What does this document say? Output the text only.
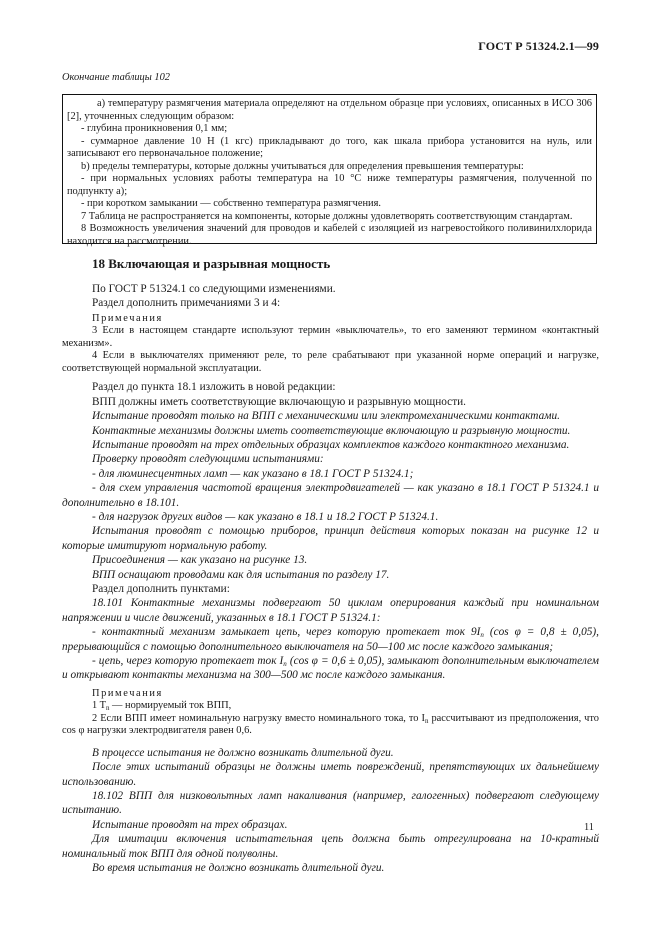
ГОСТ Р 51324.2.1—99
Окончание таблицы 102

а) температуру размягчения материала определяют на отдельном образце при условиях, описанных в ИСО 306 [2], уточненных следующим образом:

- глубина проникновения 0,1 мм;

- суммарное давление 10 Н (1 кгс) прикладывают до того, как шкала прибора установится на нуль, или записывают его первоначальное положение;

b) пределы температуры, которые должны учитываться для определения превышения температуры:

- при нормальных условиях работы температура на 10 °С ниже температуры размягчения, полученной по подпункту а);

- при коротком замыкании — собственно температура размягчения.

7 Таблица не распространяется на компоненты, которые должны удовлетворять соответствующим стандартам.

8 Возможность увеличения значений для проводов и кабелей с изоляцией из нагревостойкого поливинилхлорида находится на рассмотрении.

18 Включающая и разрывная мощность

По ГОСТ Р 51324.1 со следующими изменениями.

Раздел дополнить примечаниями 3 и 4:

Примечания

3 Если в настоящем стандарте используют термин «выключатель», то его заменяют термином «контактный механизм».

4 Если в выключателях применяют реле, то реле срабатывают при указанной норме операций и нагрузке, соответствующей нормальной эксплуатации.

Раздел до пункта 18.1 изложить в новой редакции:

ВПП должны иметь соответствующие включающую и разрывную мощности.

Испытание проводят только на ВПП с механическими или электромеханическими контактами.

Контактные механизмы должны иметь соответствующие включающую и разрывную мощности.

Испытание проводят на трех отдельных образцах комплектов каждого контактного механизма.

Проверку проводят следующими испытаниями:

- для люминесцентных ламп — как указано в 18.1 ГОСТ Р 51324.1;

- для схем управления частотой вращения электродвигателей — как указано в 18.1 ГОСТ Р 51324.1 и дополнительно в 18.101.

- для нагрузок других видов — как указано в 18.1 и 18.2 ГОСТ Р 51324.1.

Испытания проводят с помощью приборов, принцип действия которых показан на рисунке 12 и которые имитируют нормальную работу.

Присоединения — как указано на рисунке 13.

ВПП оснащают проводами как для испытания по разделу 17.

Раздел дополнить пунктами:

18.101 Контактные механизмы подвергают 50 циклам оперирования каждый при номинальном напряжении и числе движений, указанных в 18.1 ГОСТ Р 51324.1:

- контактный механизм замыкает цепь, через которую протекает ток $9I_n$ (cos φ = 0,8 ± 0,05), прерывающийся с помощью дополнительного выключателя на 50—100 мс после каждого замыкания;

- цепь, через которую протекает ток $I_n$ (cos φ = 0,6 ± 0,05), замыкают дополнительным выключателем и открывают контакты механизма на 300—500 мс после каждого замыкания.

Примечания

1 $T_n$ — нормируемый ток ВПП,

2 Если ВПП имеет номинальную нагрузку вместо номинального тока, то $I_n$ рассчитывают из предположения, что cos φ нагрузки электродвигателя равен 0,6.

В процессе испытания не должно возникать длительной дуги.

После этих испытаний образцы не должны иметь повреждений, препятствующих их дальнейшему использованию.

18.102 ВПП для низковольтных ламп накаливания (например, галогенных) подвергают следующему испытанию.

Испытание проводят на трех образцах.

Для имитации включения испытательная цепь должна быть отрегулирована на 10-кратный номинальный ток ВПП для одной полуволны.

Во время испытания не должно возникать длительной дуги.

11
